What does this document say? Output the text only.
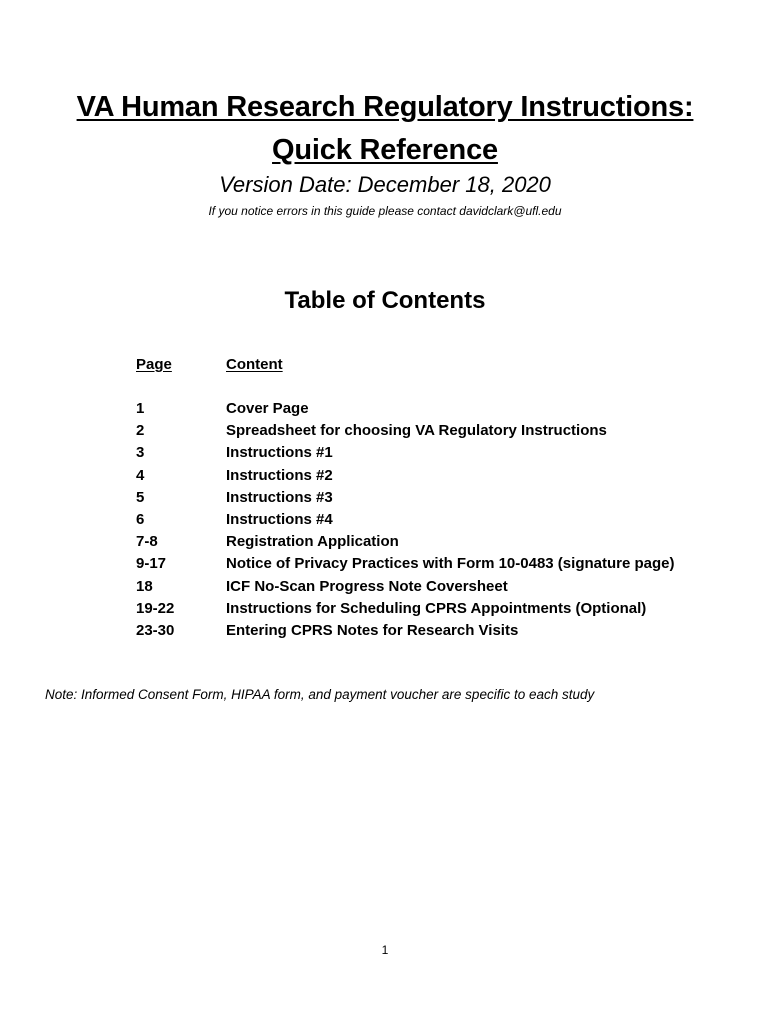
VA Human Research Regulatory Instructions:
Quick Reference
Version Date: December 18, 2020
If you notice errors in this guide please contact davidclark@ufl.edu
Table of Contents
Page	Content
1	Cover Page
2	Spreadsheet for choosing VA Regulatory Instructions
3	Instructions #1
4	Instructions #2
5	Instructions #3
6	Instructions #4
7-8	Registration Application
9-17	Notice of Privacy Practices with Form 10-0483 (signature page)
18	ICF No-Scan Progress Note Coversheet
19-22	Instructions for Scheduling CPRS Appointments (Optional)
23-30	Entering CPRS Notes for Research Visits
Note: Informed Consent Form, HIPAA form, and payment voucher are specific to each study
1
